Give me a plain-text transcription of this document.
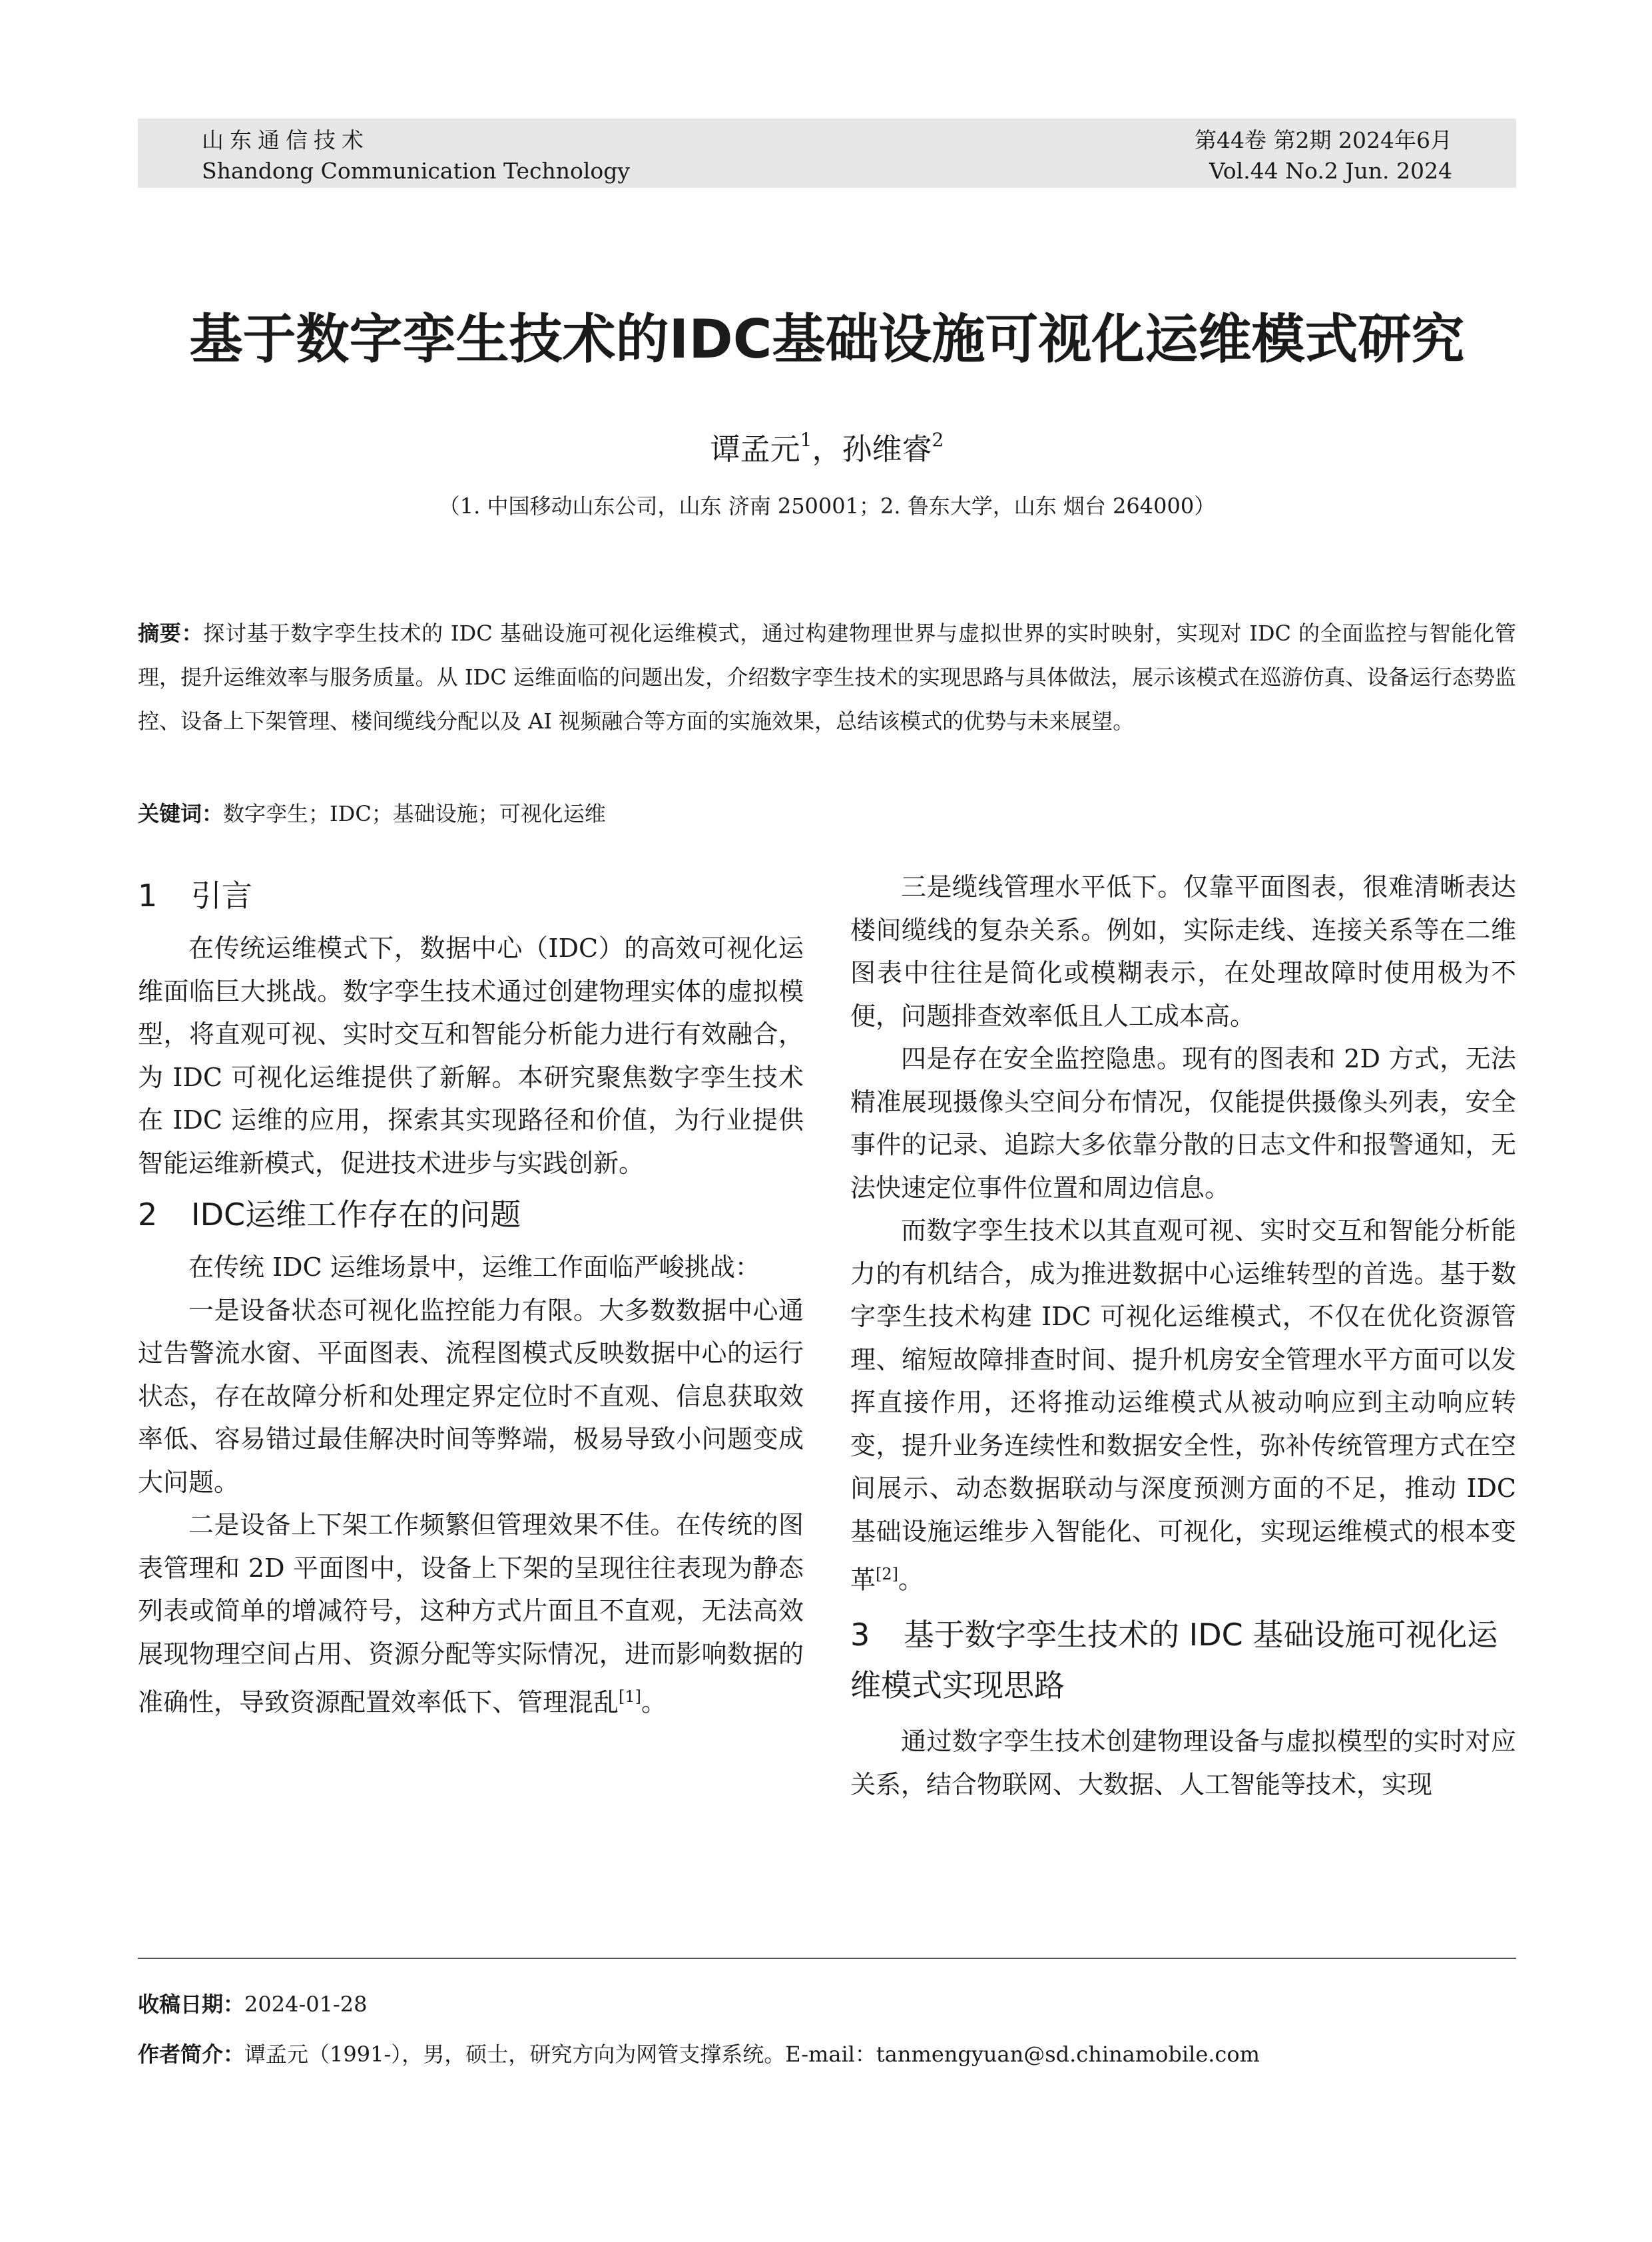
山东通信技术
Shandong Communication Technology
第44卷 第2期 2024年6月
Vol.44 No.2 Jun. 2024
基于数字孪生技术的IDC基础设施可视化运维模式研究
谭孟元$^1$，孙维睿$^2$
（1. 中国移动山东公司，山东 济南 250001；2. 鲁东大学，山东 烟台 264000）
摘要：探讨基于数字孪生技术的 IDC 基础设施可视化运维模式，通过构建物理世界与虚拟世界的实时映射，实现对 IDC 的全面监控与智能化管理，提升运维效率与服务质量。从 IDC 运维面临的问题出发，介绍数字孪生技术的实现思路与具体做法，展示该模式在巡游仿真、设备运行态势监控、设备上下架管理、楼间缆线分配以及 AI 视频融合等方面的实施效果，总结该模式的优势与未来展望。
关键词：数字孪生；IDC；基础设施；可视化运维
1 引言

在传统运维模式下，数据中心（IDC）的高效可视化运维面临巨大挑战。数字孪生技术通过创建物理实体的虚拟模型，将直观可视、实时交互和智能分析能力进行有效融合，为 IDC 可视化运维提供了新解。本研究聚焦数字孪生技术在 IDC 运维的应用，探索其实现路径和价值，为行业提供智能运维新模式，促进技术进步与实践创新。

2 IDC运维工作存在的问题

在传统 IDC 运维场景中，运维工作面临严峻挑战：

一是设备状态可视化监控能力有限。大多数数据中心通过告警流水窗、平面图表、流程图模式反映数据中心的运行状态，存在故障分析和处理定界定位时不直观、信息获取效率低、容易错过最佳解决时间等弊端，极易导致小问题变成大问题。

二是设备上下架工作频繁但管理效果不佳。在传统的图表管理和 2D 平面图中，设备上下架的呈现往往表现为静态列表或简单的增减符号，这种方式片面且不直观，无法高效展现物理空间占用、资源分配等实际情况，进而影响数据的准确性，导致资源配置效率低下、管理混乱[1]。

三是缆线管理水平低下。仅靠平面图表，很难清晰表达楼间缆线的复杂关系。例如，实际走线、连接关系等在二维图表中往往是简化或模糊表示，在处理故障时使用极为不便，问题排查效率低且人工成本高。

四是存在安全监控隐患。现有的图表和 2D 方式，无法精准展现摄像头空间分布情况，仅能提供摄像头列表，安全事件的记录、追踪大多依靠分散的日志文件和报警通知，无法快速定位事件位置和周边信息。

而数字孪生技术以其直观可视、实时交互和智能分析能力的有机结合，成为推进数据中心运维转型的首选。基于数字孪生技术构建 IDC 可视化运维模式，不仅在优化资源管理、缩短故障排查时间、提升机房安全管理水平方面可以发挥直接作用，还将推动运维模式从被动响应到主动响应转变，提升业务连续性和数据安全性，弥补传统管理方式在空间展示、动态数据联动与深度预测方面的不足，推动 IDC 基础设施运维步入智能化、可视化，实现运维模式的根本变革[2]。

3 基于数字孪生技术的 IDC 基础设施可视化运维模式实现思路

通过数字孪生技术创建物理设备与虚拟模型的实时对应关系，结合物联网、大数据、人工智能等技术，实现

收稿日期：2024-01-28
作者简介：谭孟元（1991-），男，硕士，研究方向为网管支撑系统。E-mail：tanmengyuan@sd.chinamobile.com
